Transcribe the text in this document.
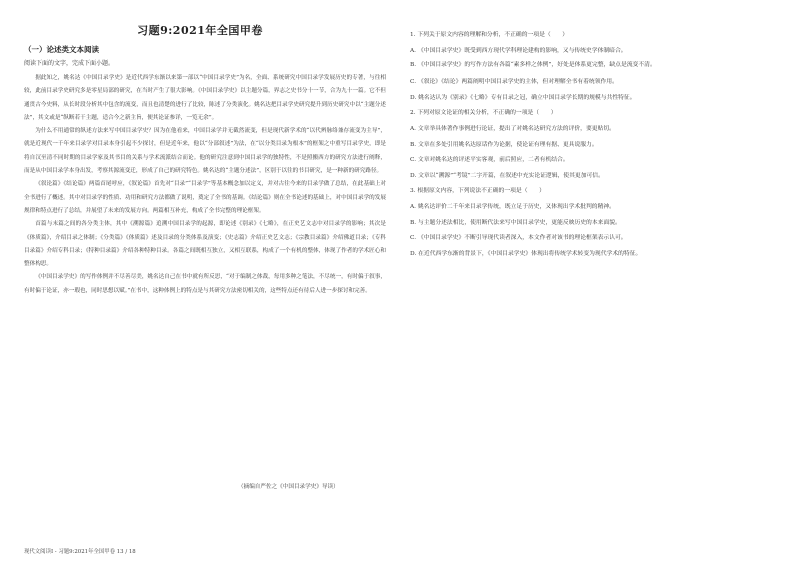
习题9:2021年全国甲卷
（一）论述类文本阅读
阅读下面的文字，完成下面小题。

据此知之，姚名达《中国目录学史》是近代西学东渐以来第一部以“中国目录学史”为名，全面、系统研究中国目录学发展历史的专著，与往相较，此前目录学史研究多是零星局部的研究，在当时产生了很大影响。《中国目录学史》以主题分篇，界志之史书分十一节，合为九十一篇。它不但通贯古今史料，从长时段分析其中包含的流变，而且也清楚的进行了比较，陈述了分类演化。姚名达把目录学史研究提升到历史研究中以“主题分述法”，其文或是“纵断若干主题，适合今之新主旨，便其论证参详，一览无余”。

为什么不用通常的纵述方法来写中国目录学史？因为在他看来，中国目录学并无截然流变，但是现代新学术的“以代辨脉络兼存流变为主导”，就是近现代一千年来目录学对目录本身引起不少探讨，但是近年来，他以“分部叙述”为法，在“以分类目录为根本”的框架之中重写目录学史，即是将自汉至清不同时期的目录学家及其书目的关系与学术流派结合而论。他的研究注意到中国目录学的独特性，不是照搬西方的研究方法进行阐释，而是从中国目录学本身出发，考察其源流变迁，形成了自己的研究特色。姚名达的“主题分述法”，区别于以往的书目研究，是一种新的研究路径。

《叙论篇》《结论篇》两篇首尾呼应，《叙论篇》首先对“目录”“目录学”等基本概念加以定义，并对古往今来的目录学做了总结，在此基础上对全书进行了概述。其中对目录学的性质、功用和研究方法都做了说明，奠定了全书的基调。《结论篇》则在全书论述的基础上，对中国目录学的发展规律和特点进行了总结，并展望了未来的发展方向。两篇相互补充，构成了全书完整的理论框架。

首篇与末篇之间的各分类主体，其中《溯源篇》追溯中国目录学的起源，即论述《别录》《七略》，在正史艺文志中对目录学的影响；其次是《体质篇》，介绍目录之体制；《分类篇》《体质篇》述及目录的分类体系及演变；《史志篇》介绍正史艺文志；《宗教目录篇》介绍佛道目录；《专科目录篇》介绍专科目录；《特种目录篇》介绍各种特种目录。各篇之间既相互独立，又相互联系，构成了一个有机的整体，体现了作者的学术匠心和整体构思。

《中国目录学史》的写作体例并不尽善尽美，姚名达自己在书中就有所反思，“对于编制之体裁，每用多种之笔法，不尽统一，有时偏于叙事，有时偏于论证，亦一瑕也，同时思想以赋。”在书中，这种体例上的特点是与其研究方法密切相关的，这些特点还有待后人进一步探讨和完善。

（摘编自严佐之《中国目录学史》导读）

1. 下列关于原文内容的理解和分析，不正确的一项是（　　）

A. 《中国目录学史》既受到西方现代学科理论建构的影响，又与传统史学体制暗合。

B. 《中国目录学史》的写作方法有各篇“素多样之体例”，好处是体系更完整，缺点是流变不清。

C. 《叙论》《结论》两篇阐明中国目录学史的主体，但对理解全书有着统领作用。

D. 姚名达认为《别录》《七略》专有目录之冠，确立中国目录学长期的规模与共性特征。

2. 下列对原文论证的相关分析，不正确的一项是（　　）

A. 文章举具体著作事例进行论证，提出了对姚名达研究方法的评价，要更贴切。

B. 文章在多处引用姚名达原话作为论据，使论证有理有据、更具说服力。

C. 文章对姚名达的评述平实客观，前后照应，二者有机结合。

D. 文章以“溯源”“考镜”二字开篇，在叙述中充实论证逻辑，使其更加可信。

3. 根据原文内容，下列说法不正确的一项是（　　）

A. 姚名达评价二千年来目录学传统，既立足于历史，又体现出学术批判的精神。

B. 与主题分述法相比，使用断代法来写中国目录学史，更能反映历史的本来面貌。

C. 《中国目录学史》不断引导现代读者深入，本文作者对该书的理论框架表示认可。

D. 在近代西学东渐的背景下，《中国目录学史》体现出将传统学术转变为现代学术的特征。

现代文阅读Ⅰ - 习题9:2021年全国甲卷 13 / 18
